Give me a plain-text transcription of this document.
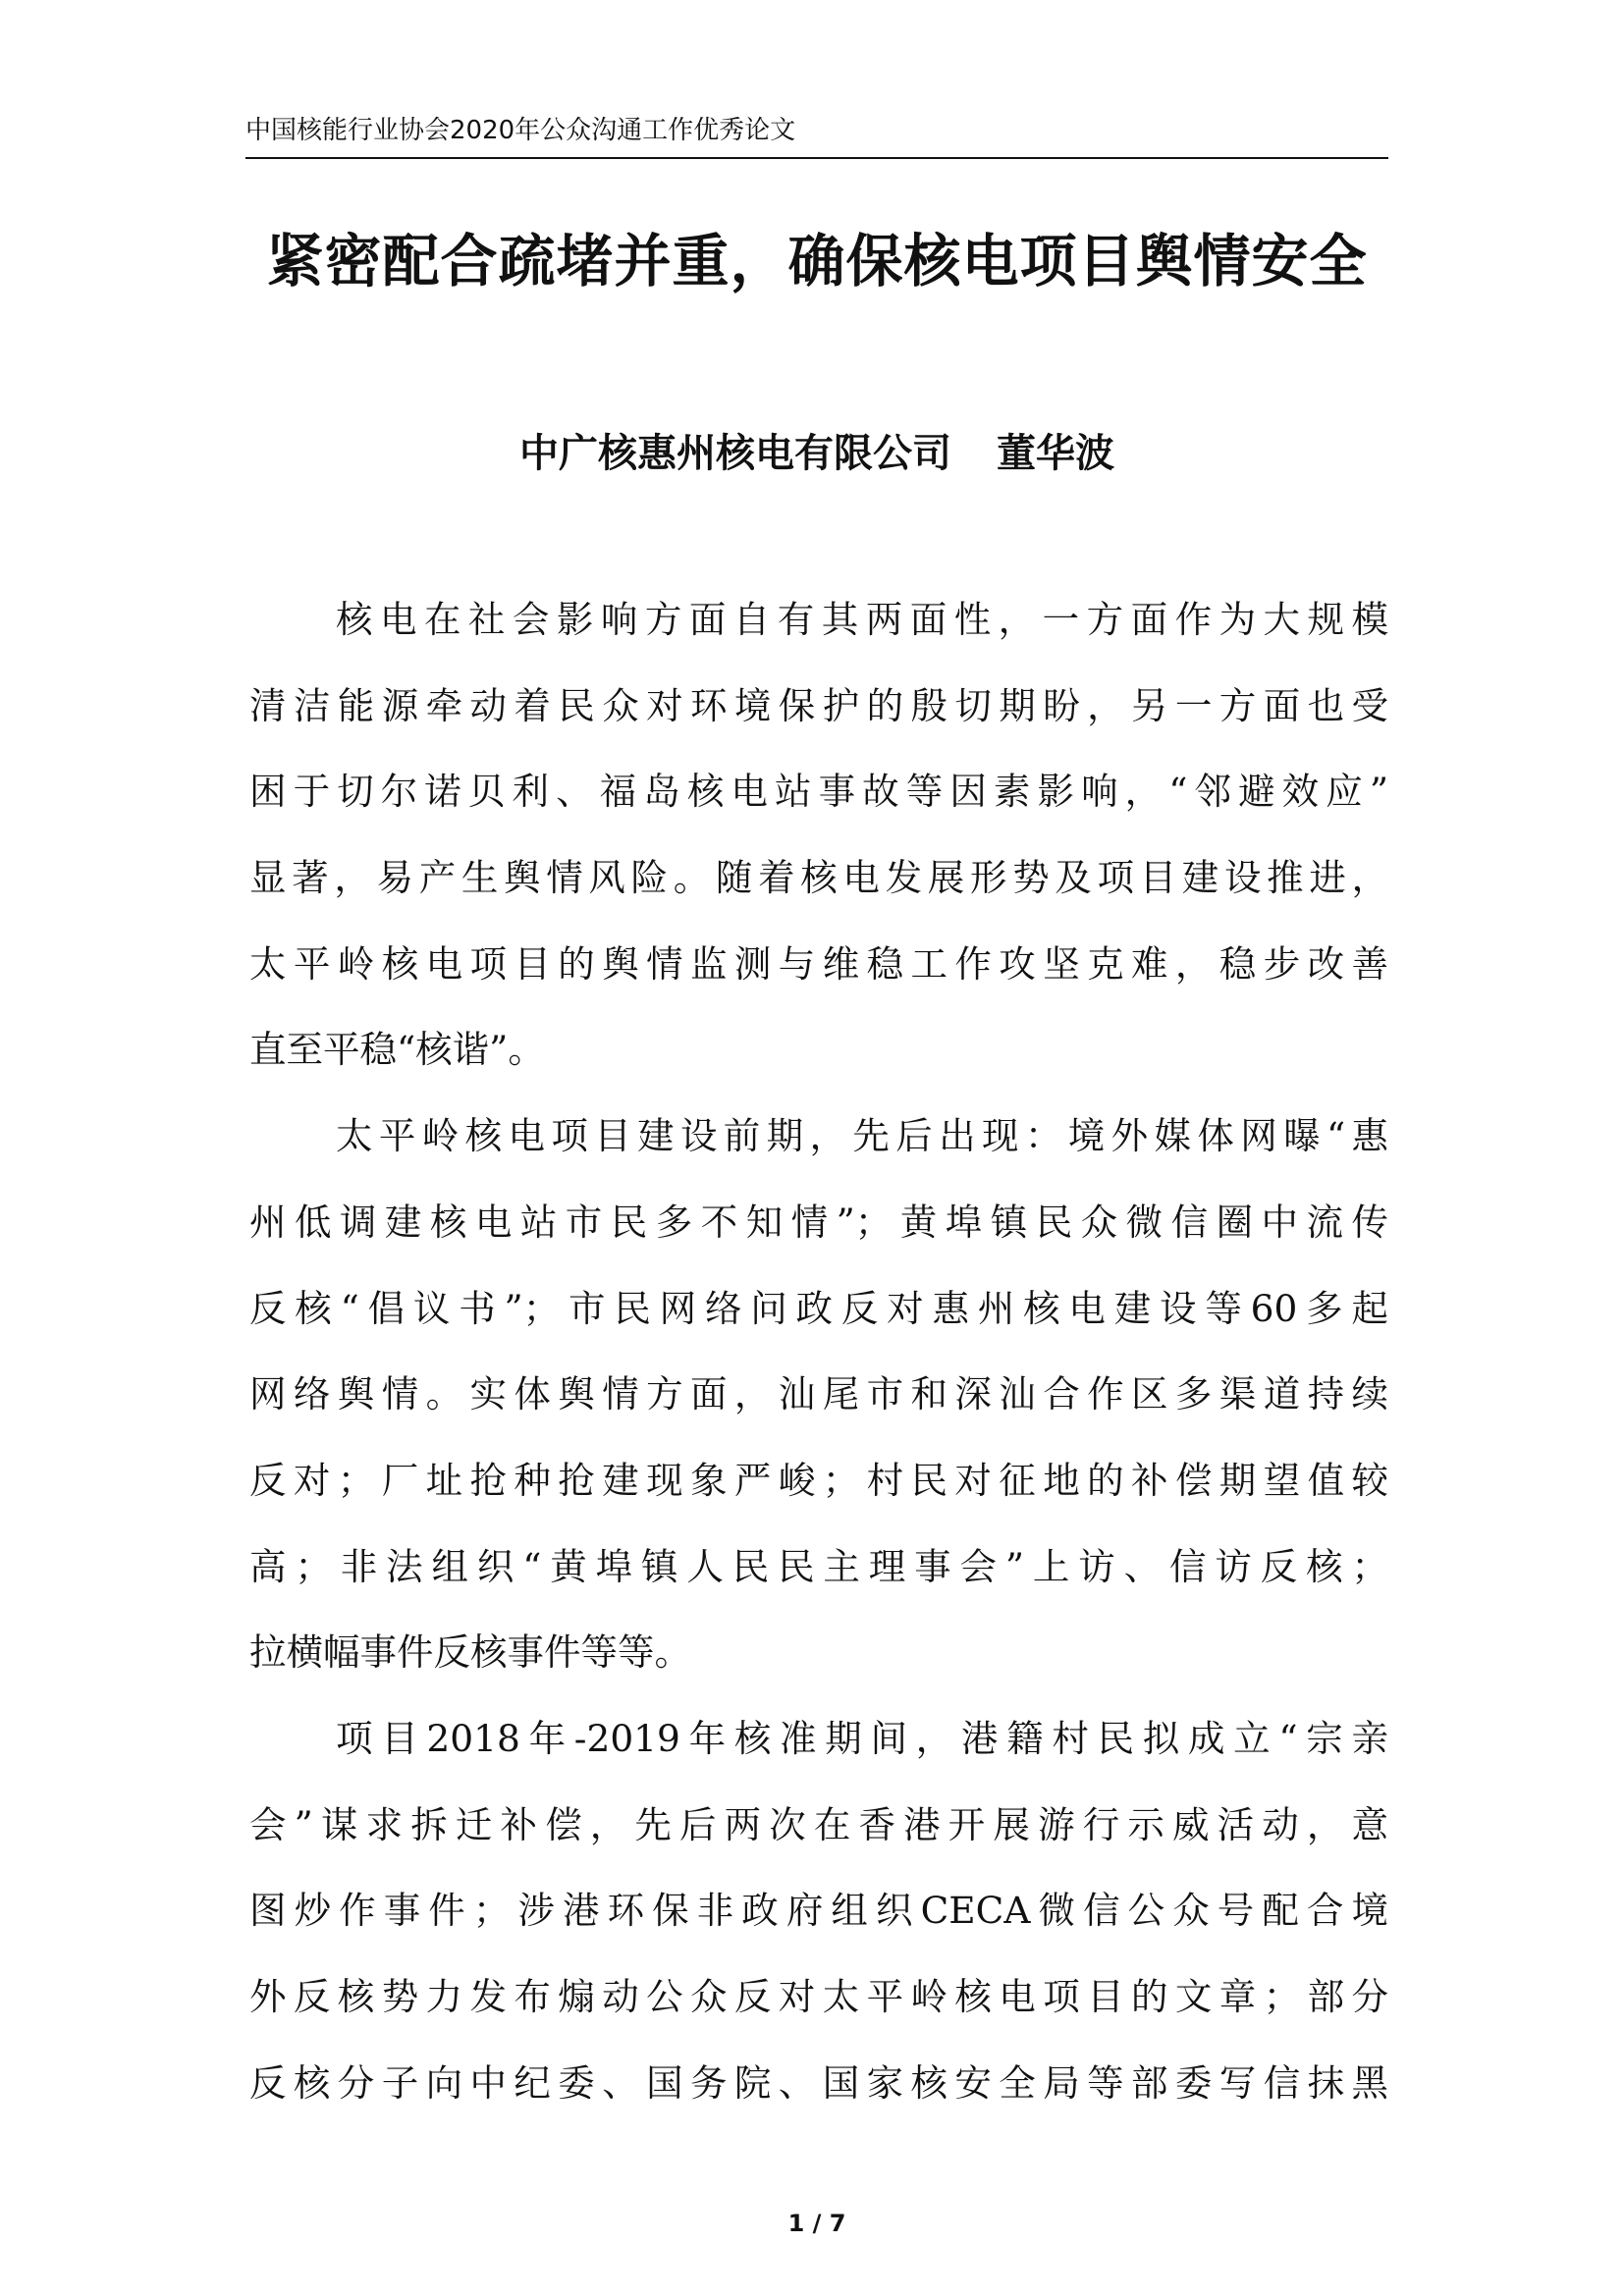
中国核能行业协会2020年公众沟通工作优秀论文
紧密配合疏堵并重，确保核电项目舆情安全
中广核惠州核电有限公司 董华波
核电在社会影响方面自有其两面性，一方面作为大规模
清洁能源牵动着民众对环境保护的殷切期盼，另一方面也受
困于切尔诺贝利、福岛核电站事故等因素影响，“邻避效应”
显著，易产生舆情风险。随着核电发展形势及项目建设推进，
太平岭核电项目的舆情监测与维稳工作攻坚克难，稳步改善
直至平稳“核谐”。
太平岭核电项目建设前期，先后出现：境外媒体网曝“惠
州低调建核电站市民多不知情”；黄埠镇民众微信圈中流传
反核“倡议书”；市民网络问政反对惠州核电建设等60多起
网络舆情。实体舆情方面，汕尾市和深汕合作区多渠道持续
反对；厂址抢种抢建现象严峻；村民对征地的补偿期望值较
高；非法组织“黄埠镇人民民主理事会”上访、信访反核；
拉横幅事件反核事件等等。
项目2018年-2019年核准期间，港籍村民拟成立“宗亲
会”谋求拆迁补偿，先后两次在香港开展游行示威活动，意
图炒作事件；涉港环保非政府组织CECA微信公众号配合境
外反核势力发布煽动公众反对太平岭核电项目的文章；部分
反核分子向中纪委、国务院、国家核安全局等部委写信抹黑
1 / 7
